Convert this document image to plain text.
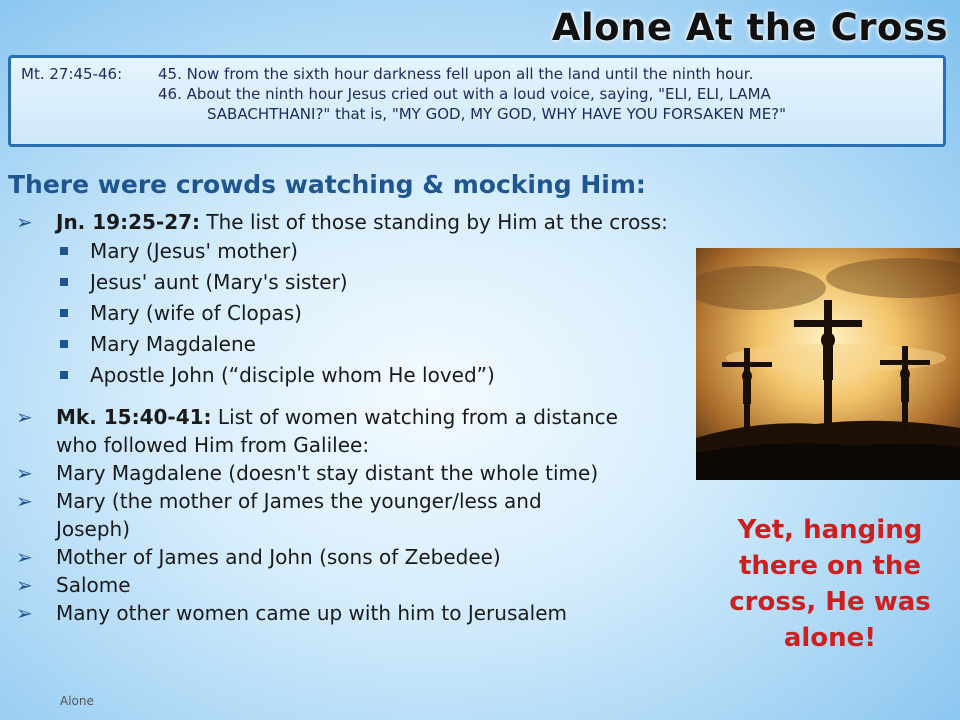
Alone At the Cross
Mt. 27:45-46:	45. Now from the sixth hour darkness fell upon all the land until the ninth hour.
46. About the ninth hour Jesus cried out with a loud voice, saying, "ELI, ELI, LAMA
SABACHTHANI?" that is, "MY GOD, MY GOD, WHY HAVE YOU FORSAKEN ME?"
There were crowds watching & mocking Him:
➢ Jn. 19:25-27: The list of those standing by Him at the cross:
Mary (Jesus' mother)
Jesus' aunt (Mary's sister)
Mary (wife of Clopas)
Mary Magdalene
Apostle John (“disciple whom He loved”)
➢ Mk. 15:40-41: List of women watching from a distance who followed Him from Galilee:
➢ Mary Magdalene (doesn't stay distant the whole time)
➢ Mary (the mother of James the younger/less and Joseph)
➢ Mother of James and John (sons of Zebedee)
➢ Salome
➢ Many other women came up with him to Jerusalem
Yet, hanging there on the cross, He was alone!
Alone
